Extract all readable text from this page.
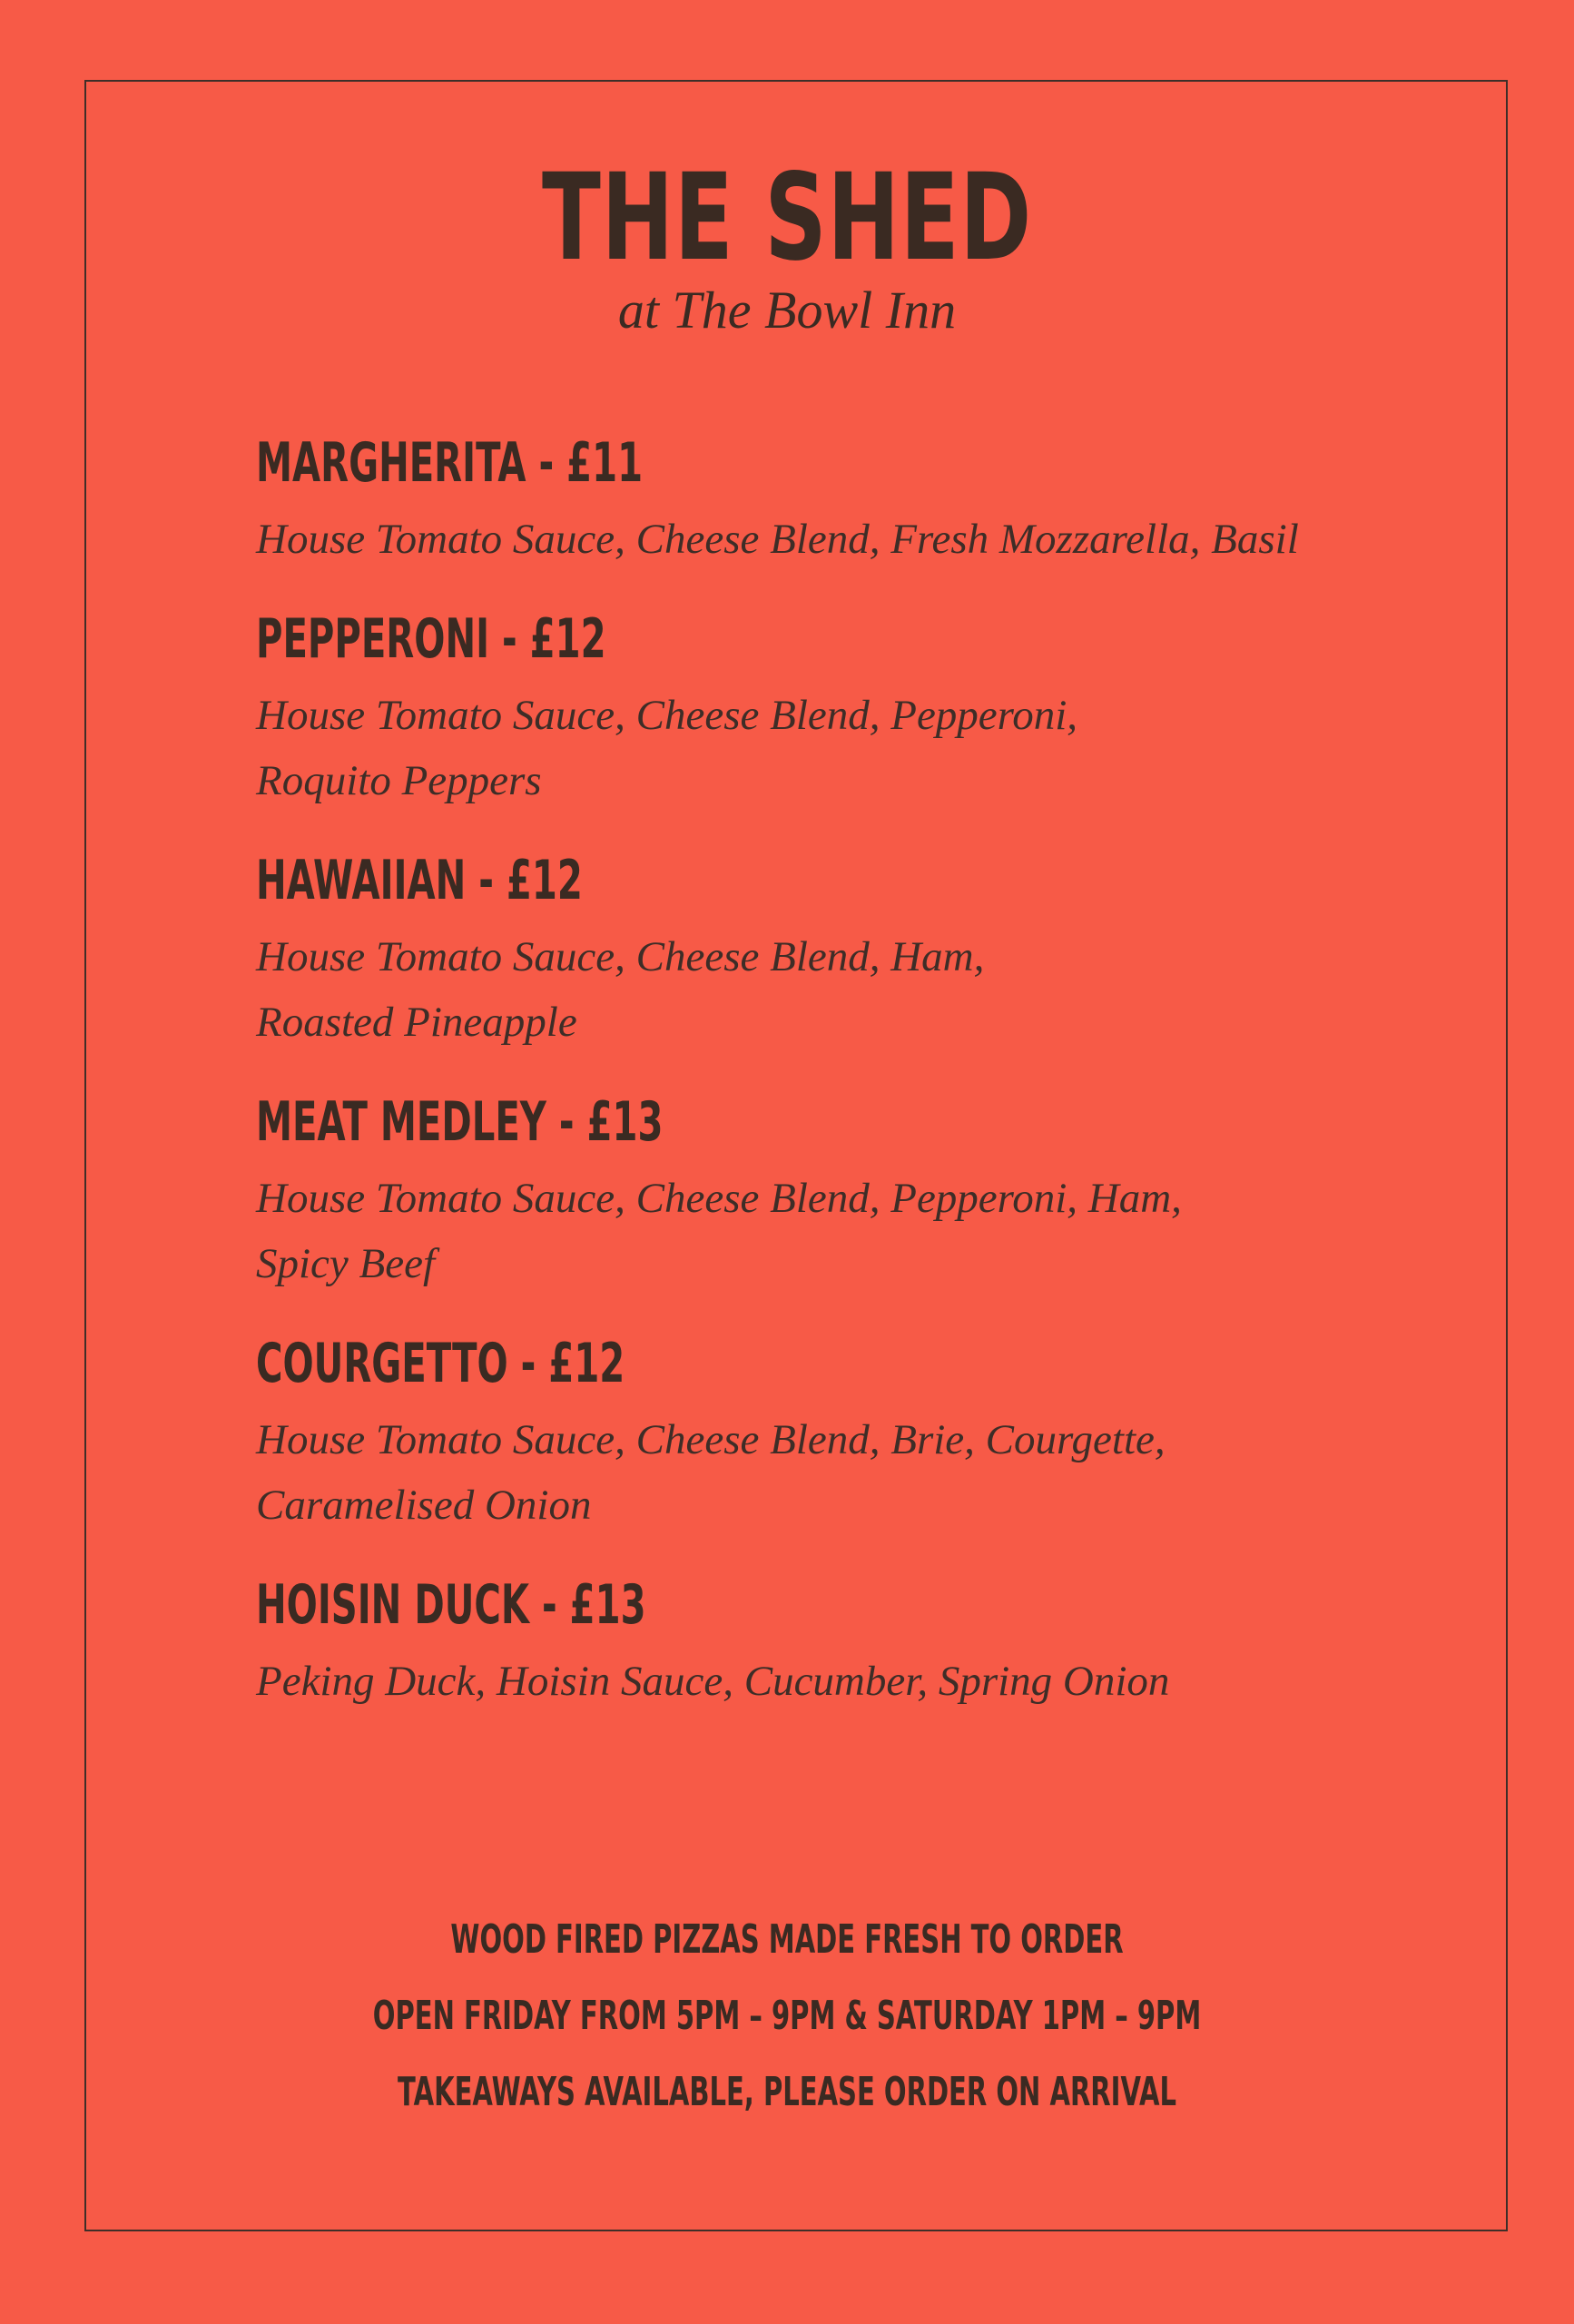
THE SHED
at The Bowl Inn
MARGHERITA - £11
House Tomato Sauce, Cheese Blend, Fresh Mozzarella, Basil
PEPPERONI - £12
House Tomato Sauce, Cheese Blend, Pepperoni,
Roquito Peppers
HAWAIIAN - £12
House Tomato Sauce, Cheese Blend, Ham,
Roasted Pineapple
MEAT MEDLEY - £13
House Tomato Sauce, Cheese Blend, Pepperoni, Ham,
Spicy Beef
COURGETTO - £12
House Tomato Sauce, Cheese Blend, Brie, Courgette,
Caramelised Onion
HOISIN DUCK - £13
Peking Duck, Hoisin Sauce, Cucumber, Spring Onion
WOOD FIRED PIZZAS MADE FRESH TO ORDER
OPEN FRIDAY FROM 5PM – 9PM & SATURDAY 1PM – 9PM
TAKEAWAYS AVAILABLE, PLEASE ORDER ON ARRIVAL
